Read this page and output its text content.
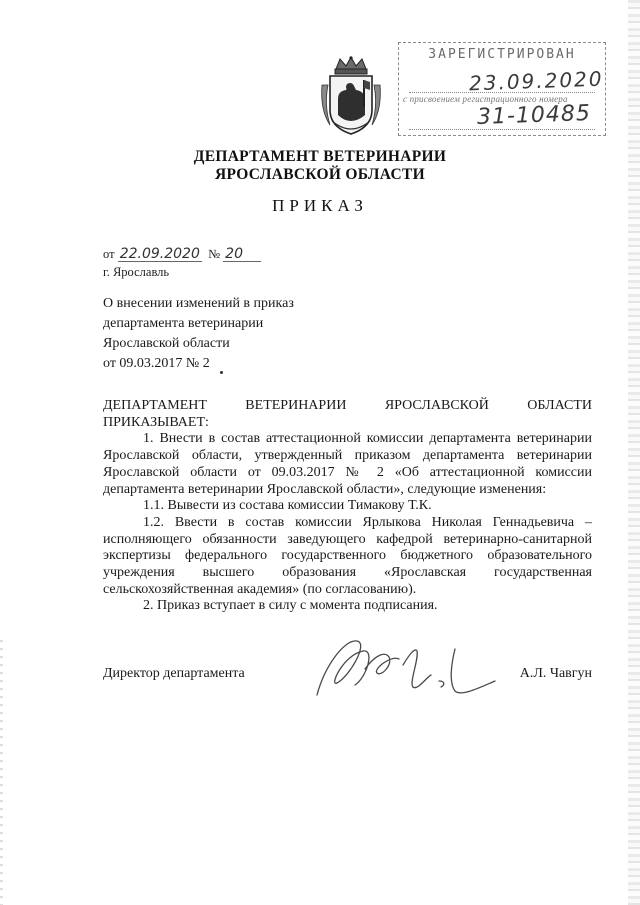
ЗАРЕГИСТРИРОВАН
23.09.2020
с присвоением регистрационного номера
31-10485
ДЕПАРТАМЕНТ ВЕТЕРИНАРИИ
ЯРОСЛАВСКОЙ ОБЛАСТИ
ПРИКАЗ
от 22.09.2020 № 20
г. Ярославль
О внесении изменений в приказ
департамента ветеринарии
Ярославской области
от 09.03.2017 № 2

ДЕПАРТАМЕНТ ВЕТЕРИНАРИИ ЯРОСЛАВСКОЙ ОБЛАСТИ ПРИКАЗЫВАЕТ:

1. Внести в состав аттестационной комиссии департамента ветеринарии Ярославской области, утвержденный приказом департамента ветеринарии Ярославской области от 09.03.2017 № 2 «Об аттестационной комиссии департамента ветеринарии Ярославской области», следующие изменения:

1.1. Вывести из состава комиссии Тимакову Т.К.

1.2. Ввести в состав комиссии Ярлыкова Николая Геннадьевича – исполняющего обязанности заведующего кафедрой ветеринарно-санитарной экспертизы федерального государственного бюджетного образовательного учреждения высшего образования «Ярославская государственная сельскохозяйственная академия» (по согласованию).

2. Приказ вступает в силу с момента подписания.

Директор департамента	А.Л. Чавгун
